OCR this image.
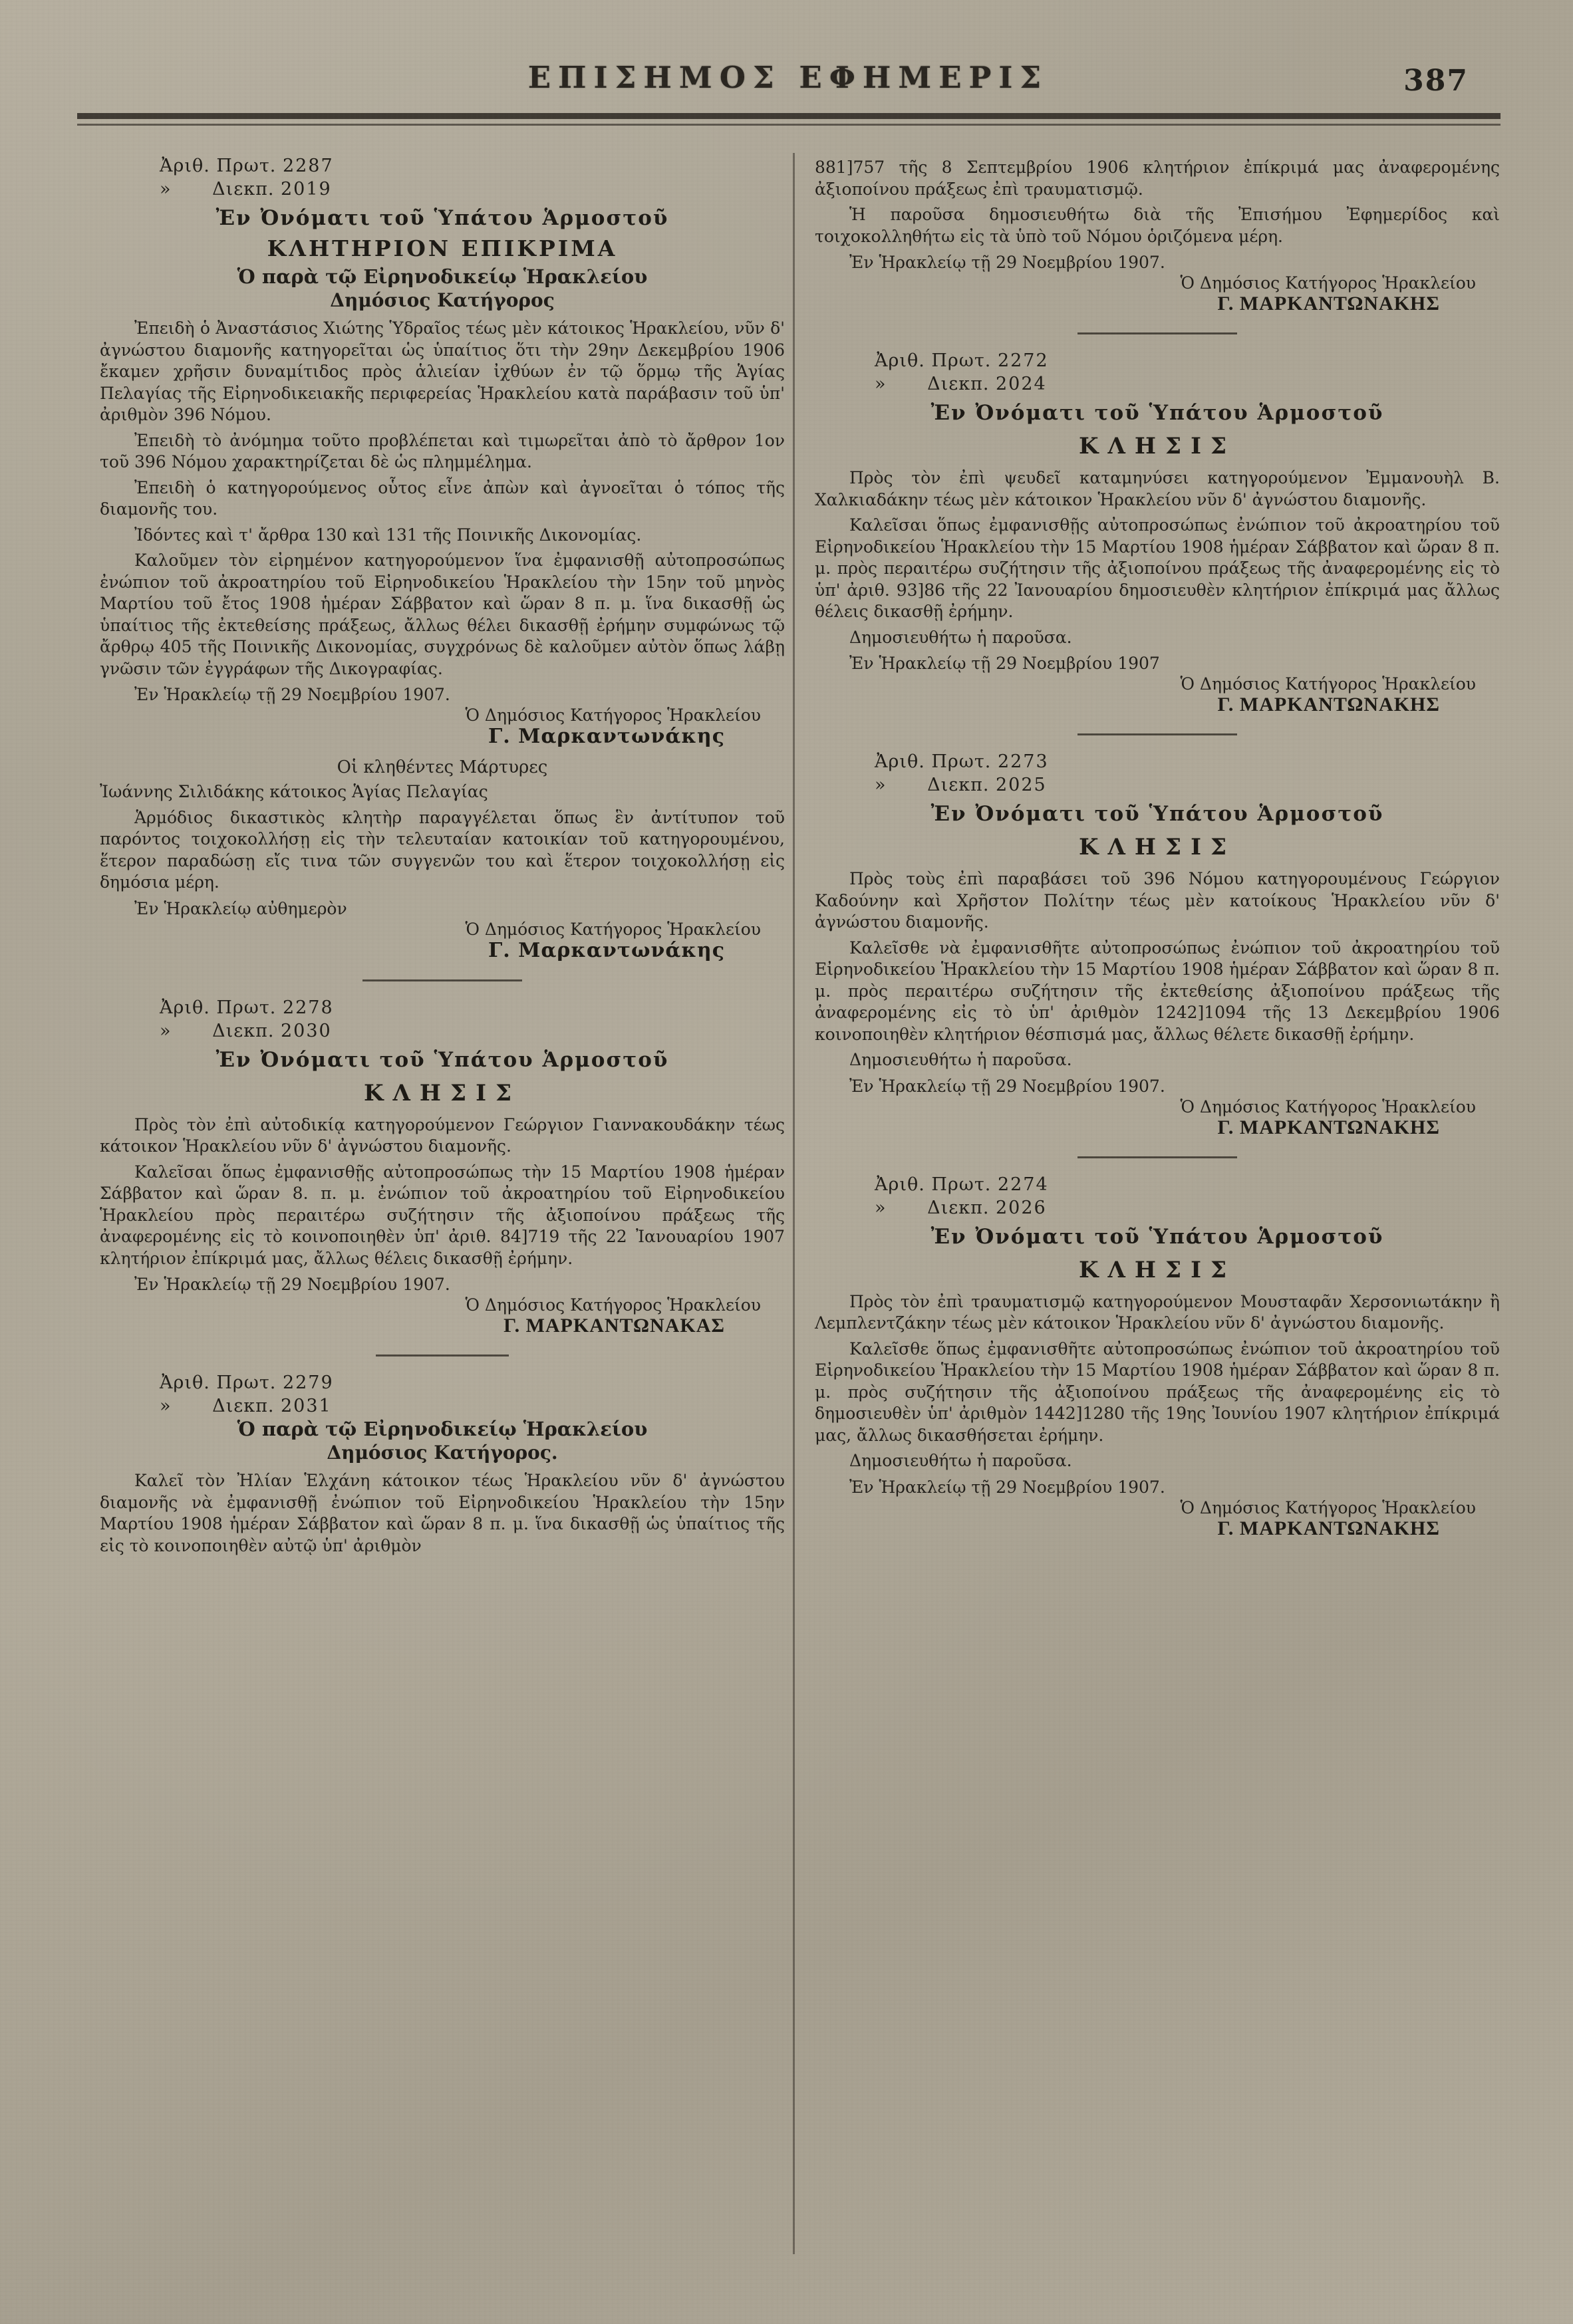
ΕΠΙΣΗΜΟΣ ΕΦΗΜΕΡΙΣ	387
Ἀριθ. Πρωτ. 2287
» Διεκπ. 2019
Ἐν Ὀνόματι τοῦ Ὑπάτου Ἁρμοστοῦ
ΚΛΗΤΗΡΙΟΝ ΕΠΙΚΡΙΜΑ
Ὁ παρὰ τῷ Εἰρηνοδικείῳ Ἡρακλείου
Δημόσιος Κατήγορος

Ἐπειδὴ ὁ Ἀναστάσιος Χιώτης Ὑδραῖος τέως μὲν κάτοικος Ἡρακλείου, νῦν δ' ἀγνώστου διαμονῆς κατηγορεῖται ὡς ὑπαίτιος ὅτι τὴν 29ην Δεκεμβρίου 1906 ἔκαμεν χρῆσιν δυναμίτιδος πρὸς ἁλιείαν ἰχθύων ἐν τῷ ὅρμῳ τῆς Ἁγίας Πελαγίας τῆς Εἰρηνοδικειακῆς περιφερείας Ἡρακλείου κατὰ παράβασιν τοῦ ὑπ' ἀριθμὸν 396 Νόμου.

Ἐπειδὴ τὸ ἀνόμημα τοῦτο προβλέπεται καὶ τιμωρεῖται ἀπὸ τὸ ἄρθρον 1ον τοῦ 396 Νόμου χαρακτηρίζεται δὲ ὡς πλημμέλημα.

Ἐπειδὴ ὁ κατηγορούμενος οὗτος εἶνε ἀπὼν καὶ ἀγνοεῖται ὁ τόπος τῆς διαμονῆς του.

Ἰδόντες καὶ τ' ἄρθρα 130 καὶ 131 τῆς Ποινικῆς Δικονομίας.

Καλοῦμεν τὸν εἰρημένον κατηγορούμενον ἵνα ἐμφανισθῇ αὐτοπροσώπως ἐνώπιον τοῦ ἀκροατηρίου τοῦ Εἰρηνοδικείου Ἡρακλείου τὴν 15ην τοῦ μηνὸς Μαρτίου τοῦ ἔτος 1908 ἡμέραν Σάββατον καὶ ὥραν 8 π. μ. ἵνα δικασθῇ ὡς ὑπαίτιος τῆς ἐκτεθείσης πράξεως, ἄλλως θέλει δικασθῇ ἐρήμην συμφώνως τῷ ἄρθρῳ 405 τῆς Ποινικῆς Δικονομίας, συγχρόνως δὲ καλοῦμεν αὐτὸν ὅπως λάβῃ γνῶσιν τῶν ἐγγράφων τῆς Δικογραφίας.

Ἐν Ἡρακλείῳ τῇ 29 Νοεμβρίου 1907.

Ὁ Δημόσιος Κατήγορος Ἡρακλείου
Γ. Μαρκαντωνάκης
Οἱ κληθέντες Μάρτυρες

Ἰωάννης Σιλιδάκης κάτοικος Ἁγίας Πελαγίας

Ἁρμόδιος δικαστικὸς κλητὴρ παραγγέλεται ὅπως ἓν ἀντίτυπον τοῦ παρόντος τοιχοκολλήσῃ εἰς τὴν τελευταίαν κατοικίαν τοῦ κατηγορουμένου, ἕτερον παραδώσῃ εἴς τινα τῶν συγγενῶν του καὶ ἕτερον τοιχοκολλήσῃ εἰς δημόσια μέρη.

Ἐν Ἡρακλείῳ αὐθημερὸν

Ὁ Δημόσιος Κατήγορος Ἡρακλείου
Γ. Μαρκαντωνάκης
Ἀριθ. Πρωτ. 2278
» Διεκπ. 2030
Ἐν Ὀνόματι τοῦ Ὑπάτου Ἁρμοστοῦ
ΚΛΗΣΙΣ

Πρὸς τὸν ἐπὶ αὐτοδικίᾳ κατηγορούμενον Γεώργιον Γιαννακουδάκην τέως κάτοικον Ἡρακλείου νῦν δ' ἀγνώστου διαμονῆς.

Καλεῖσαι ὅπως ἐμφανισθῇς αὐτοπροσώπως τὴν 15 Μαρτίου 1908 ἡμέραν Σάββατον καὶ ὥραν 8. π. μ. ἐνώπιον τοῦ ἀκροατηρίου τοῦ Εἰρηνοδικείου Ἡρακλείου πρὸς περαιτέρω συζήτησιν τῆς ἀξιοποίνου πράξεως τῆς ἀναφερομένης εἰς τὸ κοινοποιηθὲν ὑπ' ἀριθ. 84]719 τῆς 22 Ἰανουαρίου 1907 κλητήριον ἐπίκριμά μας, ἄλλως θέλεις δικασθῇ ἐρήμην.

Ἐν Ἡρακλείῳ τῇ 29 Νοεμβρίου 1907.

Ὁ Δημόσιος Κατήγορος Ἡρακλείου
Γ. ΜΑΡΚΑΝΤΩΝΑΚΑΣ
Ἀριθ. Πρωτ. 2279
» Διεκπ. 2031
Ὁ παρὰ τῷ Εἰρηνοδικείῳ Ἡρακλείου
Δημόσιος Κατήγορος.

Καλεῖ τὸν Ἠλίαν Ἑλχάνη κάτοικον τέως Ἡρακλείου νῦν δ' ἀγνώστου διαμονῆς νὰ ἐμφανισθῇ ἐνώπιον τοῦ Εἰρηνοδικείου Ἡρακλείου τὴν 15ην Μαρτίου 1908 ἡμέραν Σάββατον καὶ ὥραν 8 π. μ. ἵνα δικασθῇ ὡς ὑπαίτιος τῆς εἰς τὸ κοινοποιηθὲν αὐτῷ ὑπ' ἀριθμὸν

881]757 τῆς 8 Σεπτεμβρίου 1906 κλητήριον ἐπίκριμά μας ἀναφερομένης ἀξιοποίνου πράξεως ἐπὶ τραυματισμῷ.

Ἡ παροῦσα δημοσιευθήτω διὰ τῆς Ἐπισήμου Ἐφημερίδος καὶ τοιχοκολληθήτω εἰς τὰ ὑπὸ τοῦ Νόμου ὁριζόμενα μέρη.

Ἐν Ἡρακλείῳ τῇ 29 Νοεμβρίου 1907.

Ὁ Δημόσιος Κατήγορος Ἡρακλείου
Γ. ΜΑΡΚΑΝΤΩΝΑΚΗΣ
Ἀριθ. Πρωτ. 2272
» Διεκπ. 2024
Ἐν Ὀνόματι τοῦ Ὑπάτου Ἁρμοστοῦ
ΚΛΗΣΙΣ

Πρὸς τὸν ἐπὶ ψευδεῖ καταμηνύσει κατηγορούμενον Ἐμμανουὴλ Β. Χαλκιαδάκην τέως μὲν κάτοικον Ἡρακλείου νῦν δ' ἀγνώστου διαμονῆς.

Καλεῖσαι ὅπως ἐμφανισθῇς αὐτοπροσώπως ἐνώπιον τοῦ ἀκροατηρίου τοῦ Εἰρηνοδικείου Ἡρακλείου τὴν 15 Μαρτίου 1908 ἡμέραν Σάββατον καὶ ὥραν 8 π. μ. πρὸς περαιτέρω συζήτησιν τῆς ἀξιοποίνου πράξεως τῆς ἀναφερομένης εἰς τὸ ὑπ' ἀριθ. 93]86 τῆς 22 Ἰανουαρίου δημοσιευθὲν κλητήριον ἐπίκριμά μας ἄλλως θέλεις δικασθῇ ἐρήμην.

Δημοσιευθήτω ἡ παροῦσα.

Ἐν Ἡρακλείῳ τῇ 29 Νοεμβρίου 1907

Ὁ Δημόσιος Κατήγορος Ἡρακλείου
Γ. ΜΑΡΚΑΝΤΩΝΑΚΗΣ
Ἀριθ. Πρωτ. 2273
» Διεκπ. 2025
Ἐν Ὀνόματι τοῦ Ὑπάτου Ἁρμοστοῦ
ΚΛΗΣΙΣ

Πρὸς τοὺς ἐπὶ παραβάσει τοῦ 396 Νόμου κατηγορουμένους Γεώργιον Καδούνην καὶ Χρῆστον Πολίτην τέως μὲν κατοίκους Ἡρακλείου νῦν δ' ἀγνώστου διαμονῆς.

Καλεῖσθε νὰ ἐμφανισθῆτε αὐτοπροσώπως ἐνώπιον τοῦ ἀκροατηρίου τοῦ Εἰρηνοδικείου Ἡρακλείου τὴν 15 Μαρτίου 1908 ἡμέραν Σάββατον καὶ ὥραν 8 π. μ. πρὸς περαιτέρω συζήτησιν τῆς ἐκτεθείσης ἀξιοποίνου πράξεως τῆς ἀναφερομένης εἰς τὸ ὑπ' ἀριθμὸν 1242]1094 τῆς 13 Δεκεμβρίου 1906 κοινοποιηθὲν κλητήριον θέσπισμά μας, ἄλλως θέλετε δικασθῇ ἐρήμην.

Δημοσιευθήτω ἡ παροῦσα.

Ἐν Ἡρακλείῳ τῇ 29 Νοεμβρίου 1907.

Ὁ Δημόσιος Κατήγορος Ἡρακλείου
Γ. ΜΑΡΚΑΝΤΩΝΑΚΗΣ
Ἀριθ. Πρωτ. 2274
» Διεκπ. 2026
Ἐν Ὀνόματι τοῦ Ὑπάτου Ἁρμοστοῦ
ΚΛΗΣΙΣ

Πρὸς τὸν ἐπὶ τραυματισμῷ κατηγορούμενον Μουσταφᾶν Χερσονιωτάκην ἢ Λεμπλεντζάκην τέως μὲν κάτοικον Ἡρακλείου νῦν δ' ἀγνώστου διαμονῆς.

Καλεῖσθε ὅπως ἐμφανισθῆτε αὐτοπροσώπως ἐνώπιον τοῦ ἀκροατηρίου τοῦ Εἰρηνοδικείου Ἡρακλείου τὴν 15 Μαρτίου 1908 ἡμέραν Σάββατον καὶ ὥραν 8 π. μ. πρὸς συζήτησιν τῆς ἀξιοποίνου πράξεως τῆς ἀναφερομένης εἰς τὸ δημοσιευθὲν ὑπ' ἀριθμὸν 1442]1280 τῆς 19ης Ἰουνίου 1907 κλητήριον ἐπίκριμά μας, ἄλλως δικασθήσεται ἐρήμην.

Δημοσιευθήτω ἡ παροῦσα.

Ἐν Ἡρακλείῳ τῇ 29 Νοεμβρίου 1907.

Ὁ Δημόσιος Κατήγορος Ἡρακλείου
Γ. ΜΑΡΚΑΝΤΩΝΑΚΗΣ
